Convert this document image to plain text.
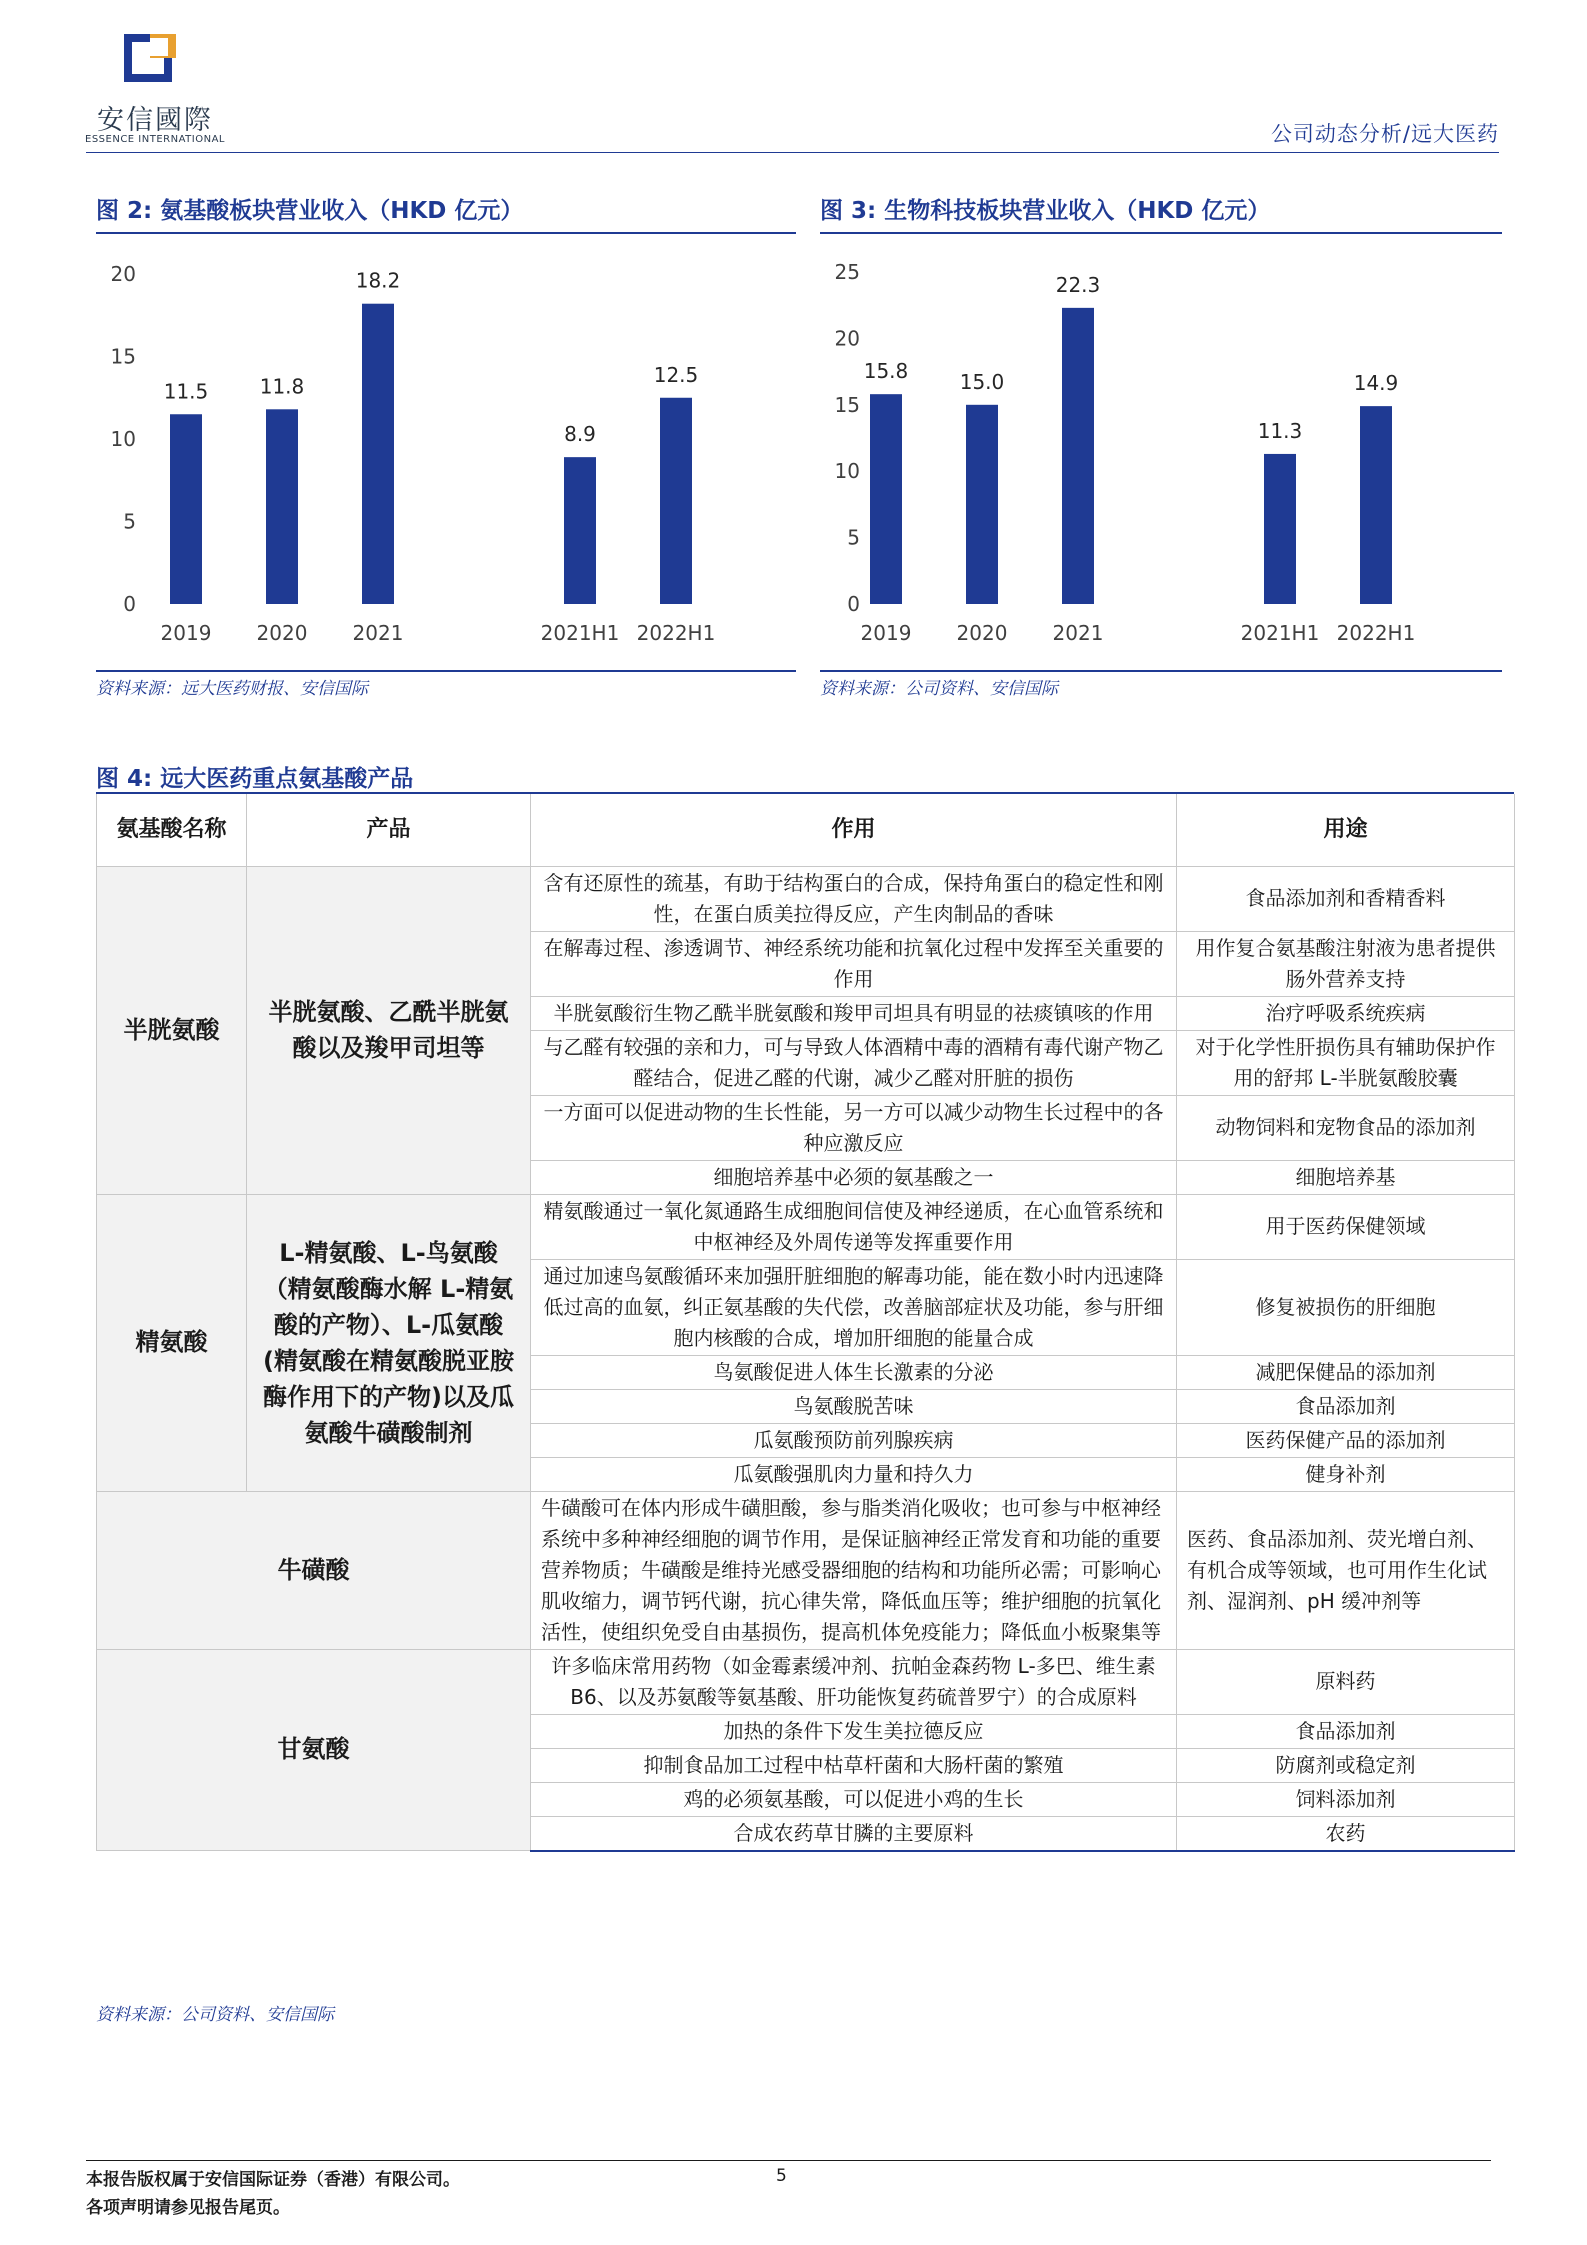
安信國際
ESSENCE INTERNATIONAL	公司动态分析/远大医药
图 2: 氨基酸板块营业收入（HKD 亿元）
0
5
10
15
20
11.5
2019
11.8
2020
18.2
2021
8.9
2021H1
12.5
2022H1
资料来源：远大医药财报、安信国际
图 3: 生物科技板块营业收入（HKD 亿元）
0
5
10
15
20
25
15.8
2019
15.0
2020
22.3
2021
11.3
2021H1
14.9
2022H1
资料来源：公司资料、安信国际
图 4: 远大医药重点氨基酸产品
氨基酸名称	产品	作用	用途
半胱氨酸	半胱氨酸、乙酰半胱氨酸以及羧甲司坦等	含有还原性的巯基，有助于结构蛋白的合成，保持角蛋白的稳定性和刚性，在蛋白质美拉得反应，产生肉制品的香味	食品添加剂和香精香料
		在解毒过程、渗透调节、神经系统功能和抗氧化过程中发挥至关重要的作用	用作复合氨基酸注射液为患者提供肠外营养支持
		半胱氨酸衍生物乙酰半胱氨酸和羧甲司坦具有明显的祛痰镇咳的作用	治疗呼吸系统疾病
		与乙醛有较强的亲和力，可与导致人体酒精中毒的酒精有毒代谢产物乙醛结合，促进乙醛的代谢，减少乙醛对肝脏的损伤	对于化学性肝损伤具有辅助保护作用的舒邦 L-半胱氨酸胶囊
		一方面可以促进动物的生长性能，另一方可以减少动物生长过程中的各种应激反应	动物饲料和宠物食品的添加剂
		细胞培养基中必须的氨基酸之一	细胞培养基
精氨酸	L-精氨酸、L-鸟氨酸（精氨酸酶水解 L-精氨酸的产物）、L-瓜氨酸(精氨酸在精氨酸脱亚胺酶作用下的产物)以及瓜氨酸牛磺酸制剂	精氨酸通过一氧化氮通路生成细胞间信使及神经递质，在心血管系统和中枢神经及外周传递等发挥重要作用	用于医药保健领域
		通过加速鸟氨酸循环来加强肝脏细胞的解毒功能，能在数小时内迅速降低过高的血氨，纠正氨基酸的失代偿，改善脑部症状及功能，参与肝细胞内核酸的合成，增加肝细胞的能量合成	修复被损伤的肝细胞
		鸟氨酸促进人体生长激素的分泌	减肥保健品的添加剂
		鸟氨酸脱苦味	食品添加剂
		瓜氨酸预防前列腺疾病	医药保健产品的添加剂
		瓜氨酸强肌肉力量和持久力	健身补剂
牛磺酸		牛磺酸可在体内形成牛磺胆酸，参与脂类消化吸收；也可参与中枢神经系统中多种神经细胞的调节作用，是保证脑神经正常发育和功能的重要营养物质；牛磺酸是维持光感受器细胞的结构和功能所必需；可影响心肌收缩力，调节钙代谢，抗心律失常，降低血压等；维护细胞的抗氧化活性，使组织免受自由基损伤，提高机体免疫能力；降低血小板聚集等	医药、食品添加剂、荧光增白剂、有机合成等领域，也可用作生化试剂、湿润剂、pH 缓冲剂等
甘氨酸		许多临床常用药物（如金霉素缓冲剂、抗帕金森药物 L-多巴、维生素 B6、以及苏氨酸等氨基酸、肝功能恢复药硫普罗宁）的合成原料	原料药
		加热的条件下发生美拉德反应	食品添加剂
		抑制食品加工过程中枯草杆菌和大肠杆菌的繁殖	防腐剂或稳定剂
		鸡的必须氨基酸，可以促进小鸡的生长	饲料添加剂
		合成农药草甘膦的主要原料	农药
资料来源：公司资料、安信国际
本报告版权属于安信国际证券（香港）有限公司。
各项声明请参见报告尾页。
5
